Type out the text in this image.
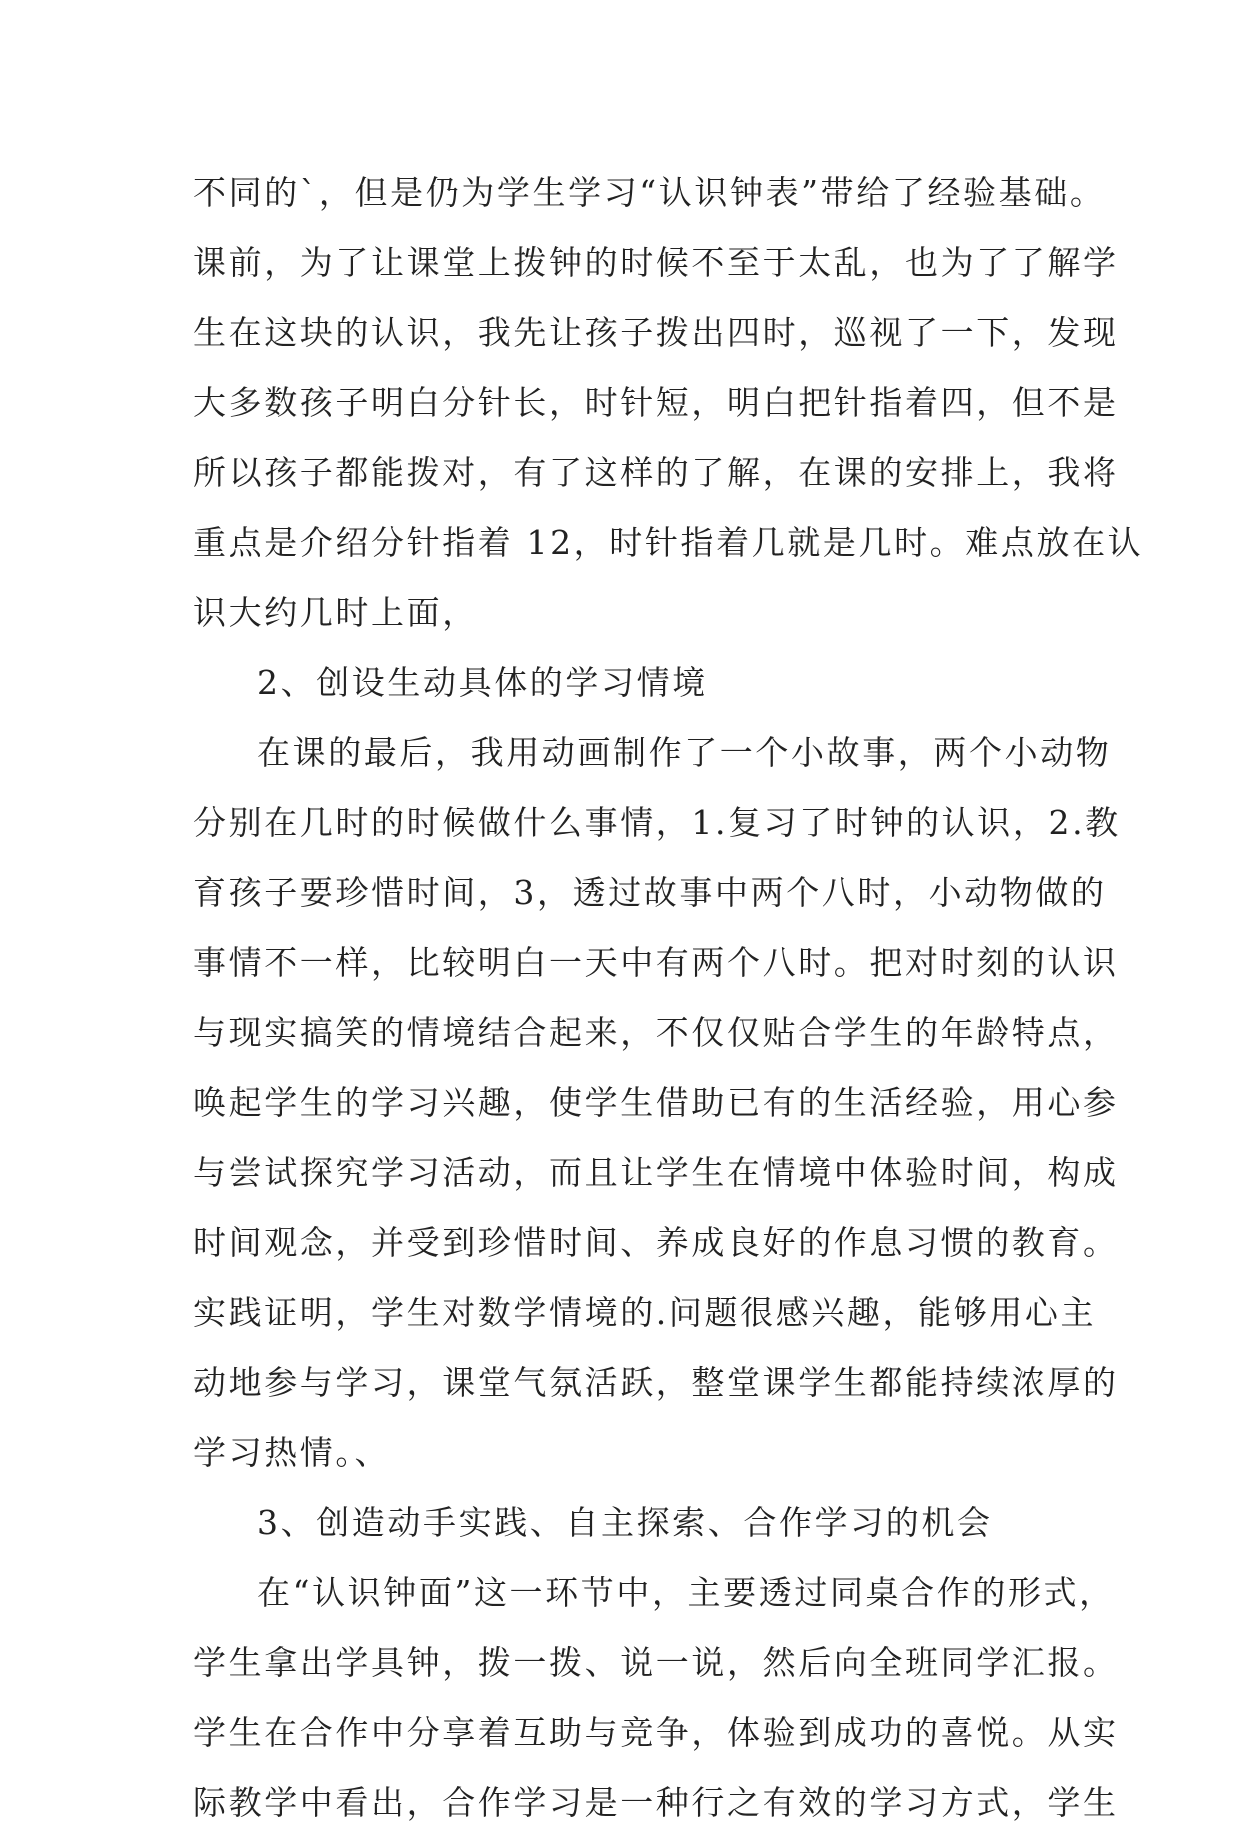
不同的`，但是仍为学生学习“认识钟表”带给了经验基础。
课前，为了让课堂上拨钟的时候不至于太乱，也为了了解学
生在这块的认识，我先让孩子拨出四时，巡视了一下，发现
大多数孩子明白分针长，时针短，明白把针指着四，但不是
所以孩子都能拨对，有了这样的了解，在课的安排上，我将
重点是介绍分针指着 12，时针指着几就是几时。难点放在认
识大约几时上面，
2、创设生动具体的学习情境
在课的最后，我用动画制作了一个小故事，两个小动物
分别在几时的时候做什么事情，1.复习了时钟的认识，2.教
育孩子要珍惜时间，3，透过故事中两个八时，小动物做的
事情不一样，比较明白一天中有两个八时。把对时刻的认识
与现实搞笑的情境结合起来，不仅仅贴合学生的年龄特点，
唤起学生的学习兴趣，使学生借助已有的生活经验，用心参
与尝试探究学习活动，而且让学生在情境中体验时间，构成
时间观念，并受到珍惜时间、养成良好的作息习惯的教育。
实践证明，学生对数学情境的.问题很感兴趣，能够用心主
动地参与学习，课堂气氛活跃，整堂课学生都能持续浓厚的
学习热情。、
3、创造动手实践、自主探索、合作学习的机会
在“认识钟面”这一环节中，主要透过同桌合作的形式，
学生拿出学具钟，拨一拨、说一说，然后向全班同学汇报。
学生在合作中分享着互助与竞争，体验到成功的喜悦。从实
际教学中看出，合作学习是一种行之有效的学习方式，学生
